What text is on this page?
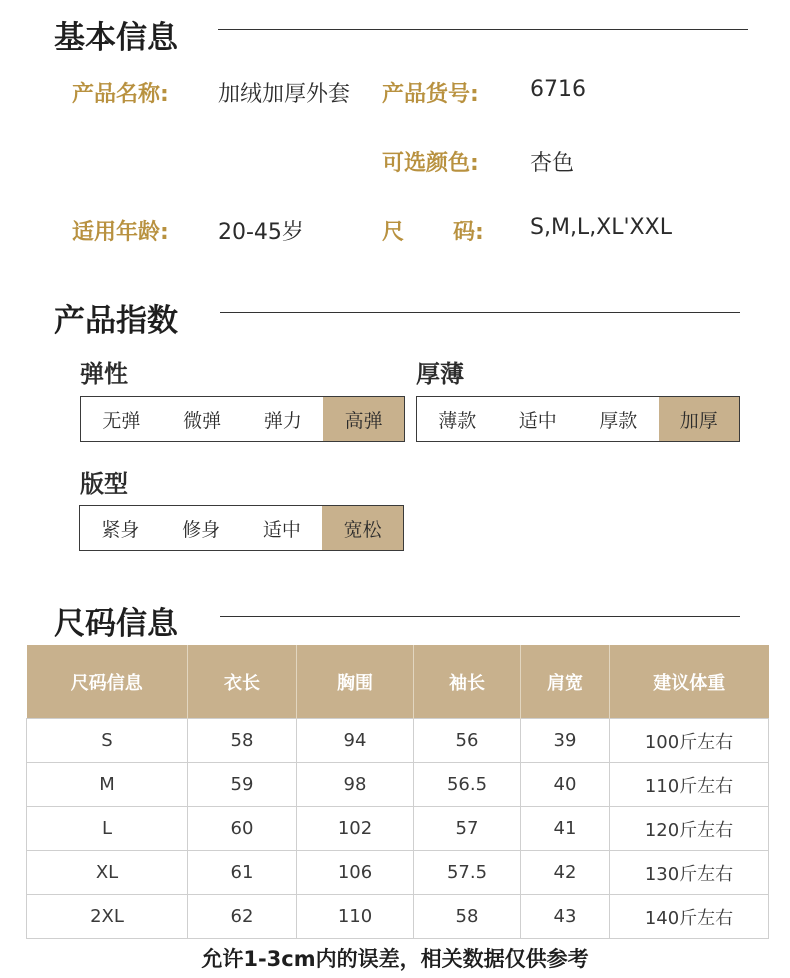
基本信息
产品名称: 加绒加厚外套 产品货号: 6716
可选颜色: 杏色
适用年龄: 20-45岁	尺 码: S,M,L,XL'XXL
产品指数
弹性
无弹	微弹	弹力	高弹
厚薄
薄款	适中	厚款	加厚
版型
紧身	修身	适中	宽松
尺码信息
尺码信息	衣长	胸围	袖长	肩宽	建议体重
S	58	94	56	39	100斤左右
M	59	98	56.5	40	110斤左右
L	60	102	57	41	120斤左右
XL	61	106	57.5	42	130斤左右
2XL	62	110	58	43	140斤左右
允许1-3cm内的误差，相关数据仅供参考
